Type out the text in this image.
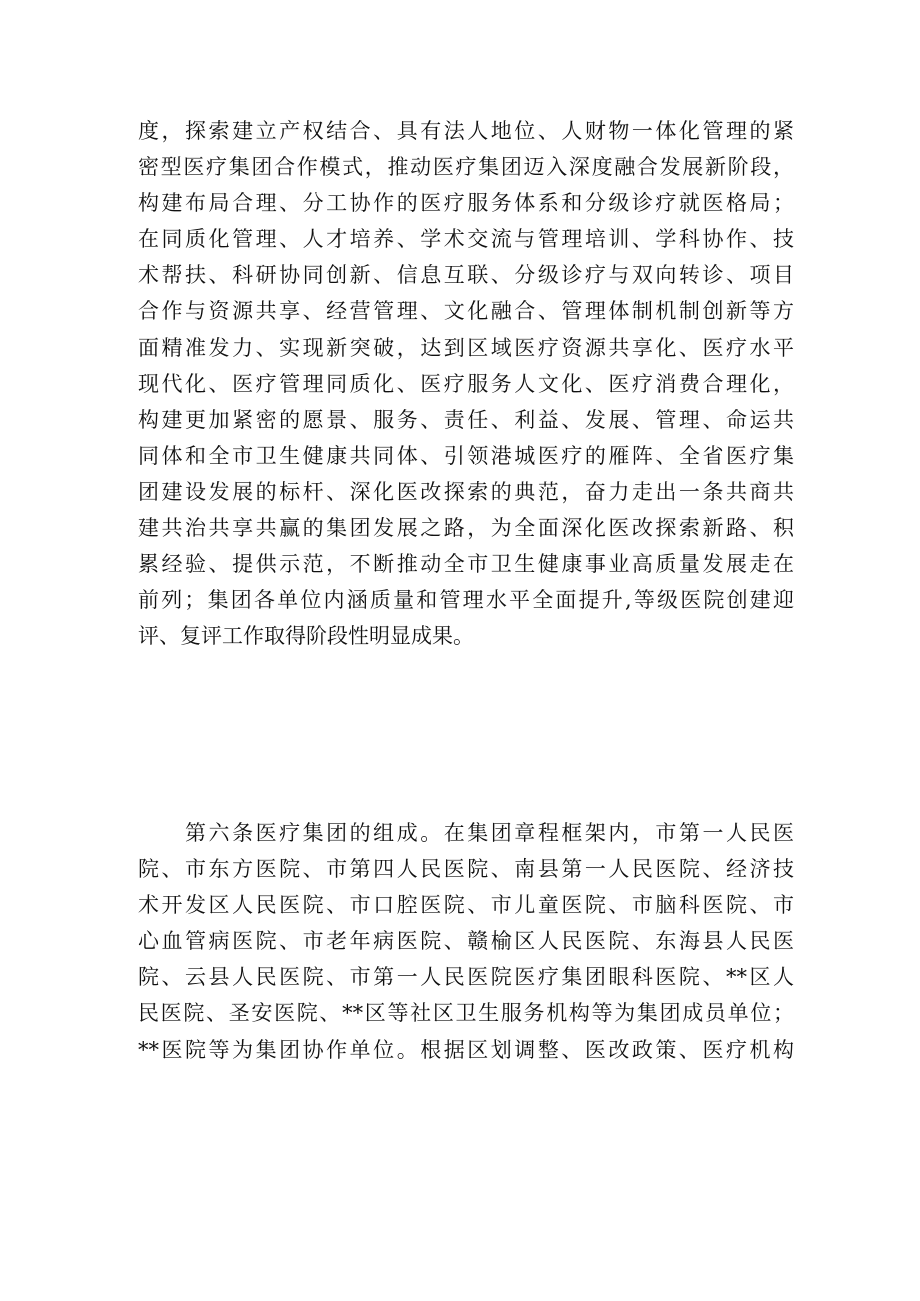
度，探索建立产权结合、具有法人地位、人财物一体化管理的紧
密型医疗集团合作模式，推动医疗集团迈入深度融合发展新阶段，
构建布局合理、分工协作的医疗服务体系和分级诊疗就医格局；
在同质化管理、人才培养、学术交流与管理培训、学科协作、技
术帮扶、科研协同创新、信息互联、分级诊疗与双向转诊、项目
合作与资源共享、经营管理、文化融合、管理体制机制创新等方
面精准发力、实现新突破，达到区域医疗资源共享化、医疗水平
现代化、医疗管理同质化、医疗服务人文化、医疗消费合理化，
构建更加紧密的愿景、服务、责任、利益、发展、管理、命运共
同体和全市卫生健康共同体、引领港城医疗的雁阵、全省医疗集
团建设发展的标杆、深化医改探索的典范，奋力走出一条共商共
建共治共享共赢的集团发展之路，为全面深化医改探索新路、积
累经验、提供示范，不断推动全市卫生健康事业高质量发展走在
前列；集团各单位内涵质量和管理水平全面提升,等级医院创建迎
评、复评工作取得阶段性明显成果。

　　第六条医疗集团的组成。在集团章程框架内，市第一人民医
院、市东方医院、市第四人民医院、南县第一人民医院、经济技
术开发区人民医院、市口腔医院、市儿童医院、市脑科医院、市
心血管病医院、市老年病医院、赣榆区人民医院、东海县人民医
院、云县人民医院、市第一人民医院医疗集团眼科医院、**区人
民医院、圣安医院、**区等社区卫生服务机构等为集团成员单位；
**医院等为集团协作单位。根据区划调整、医改政策、医疗机构
